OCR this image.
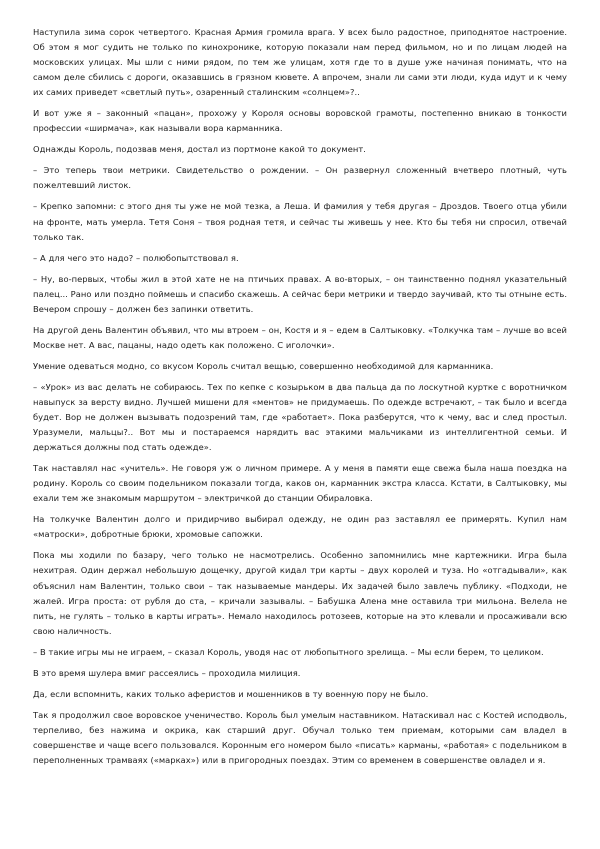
Наступила зима сорок четвертого. Красная Армия громила врага. У всех было радостное, приподнятое настроение. Об этом я мог судить не только по кинохронике, которую показали нам перед фильмом, но и по лицам людей на московских улицах. Мы шли с ними рядом, по тем же улицам, хотя где то в душе уже начиная понимать, что на самом деле сбились с дороги, оказавшись в грязном кювете. А впрочем, знали ли сами эти люди, куда идут и к чему их самих приведет «светлый путь», озаренный сталинским «солнцем»?..

И вот уже я – законный «пацан», прохожу у Короля основы воровской грамоты, постепенно вникаю в тонкости профессии «ширмача», как называли вора карманника.

Однажды Король, подозвав меня, достал из портмоне какой то документ.

– Это теперь твои метрики. Свидетельство о рождении. – Он развернул сложенный вчетверо плотный, чуть пожелтевший листок.

– Крепко запомни: с этого дня ты уже не мой тезка, а Леша. И фамилия у тебя другая – Дроздов. Твоего отца убили на фронте, мать умерла. Тетя Соня – твоя родная тетя, и сейчас ты живешь у нее. Кто бы тебя ни спросил, отвечай только так.

– А для чего это надо? – полюбопытствовал я.

– Ну, во-первых, чтобы жил в этой хате не на птичьих правах. А во-вторых, – он таинственно поднял указательный палец... Рано или поздно поймешь и спасибо скажешь. А сейчас бери метрики и твердо заучивай, кто ты отныне есть. Вечером спрошу – должен без запинки ответить.

На другой день Валентин объявил, что мы втроем – он, Костя и я – едем в Салтыковку. «Толкучка там – лучше во всей Москве нет. А вас, пацаны, надо одеть как положено. С иголочки».

Умение одеваться модно, со вкусом Король считал вещью, совершенно необходимой для карманника.

– «Урок» из вас делать не собираюсь. Тех по кепке с козырьком в два пальца да по лоскутной куртке с воротничком навыпуск за версту видно. Лучшей мишени для «ментов» не придумаешь. По одежде встречают, – так было и всегда будет. Вор не должен вызывать подозрений там, где «работает». Пока разберутся, что к чему, вас и след простыл. Уразумели, мальцы?.. Вот мы и постараемся нарядить вас этакими мальчиками из интеллигентной семьи. И держаться должны под стать одежде».

Так наставлял нас «учитель». Не говоря уж о личном примере. А у меня в памяти еще свежа была наша поездка на родину. Король со своим подельником показали тогда, каков он, карманник экстра класса. Кстати, в Салтыковку, мы ехали тем же знакомым маршрутом – электричкой до станции Обираловка.

На толкучке Валентин долго и придирчиво выбирал одежду, не один раз заставлял ее примерять. Купил нам «матроски», добротные брюки, хромовые сапожки.

Пока мы ходили по базару, чего только не насмотрелись. Особенно запомнились мне картежники. Игра была нехитрая. Один держал небольшую дощечку, другой кидал три карты – двух королей и туза. Но «отгадывали», как объяснил нам Валентин, только свои – так называемые мандеры. Их задачей было завлечь публику. «Подходи, не жалей. Игра проста: от рубля до ста, – кричали зазывалы. – Бабушка Алена мне оставила три мильона. Велела не пить, не гулять – только в карты играть». Немало находилось ротозеев, которые на это клевали и просаживали всю свою наличность.

– В такие игры мы не играем, – сказал Король, уводя нас от любопытного зрелища. – Мы если берем, то целиком.

В это время шулера вмиг рассеялись – проходила милиция.

Да, если вспомнить, каких только аферистов и мошенников в ту военную пору не было.

Так я продолжил свое воровское ученичество. Король был умелым наставником. Натаскивал нас с Костей исподволь, терпеливо, без нажима и окрика, как старший друг. Обучал только тем приемам, которыми сам владел в совершенстве и чаще всего пользовался. Коронным его номером было «писать» карманы, «работая» с подельником в переполненных трамваях («марках») или в пригородных поездах. Этим со временем в совершенстве овладел и я.
